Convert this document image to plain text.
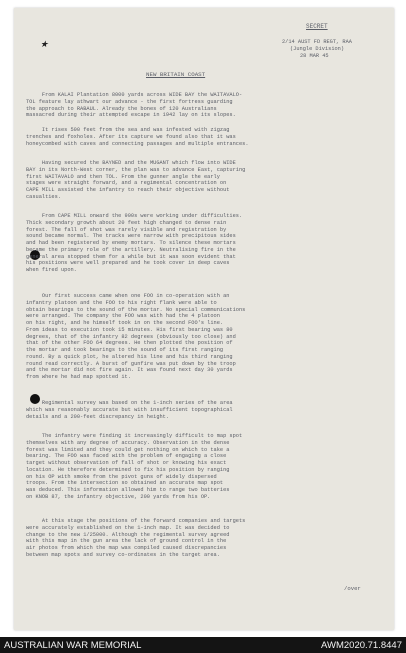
★
SECRET
2/14 AUST FD REGT, RAA
(Jungle Division)
28 MAR 45
NEW BRITAIN COAST
From KALAI Plantation 8000 yards across WIDE BAY the WAITAVALO-
TOL feature lay athwart our advance - the first fortress guarding
the approach to RABAUL. Already the bones of 120 Australians
massacred during their attempted escape in 1942 lay on its slopes.
It rises 500 feet from the sea and was infested with zigzag
trenches and foxholes. After its capture we found also that it was
honeycombed with caves and connecting passages and multiple entrances.
Having secured the BAYNED and the MUGANT which flow into WIDE
BAY in its North-West corner, the plan was to advance East, capturing
first WAITAVALO and then TOL. From the gunner angle the early
stages were straight forward, and a regimental concentration on
CAPE MILL assisted the infantry to reach their objective without
casualties.
From CAPE MILL onward the 900s were working under difficulties.
Thick secondary growth about 20 feet high changed to dense rain
forest. The fall of shot was rarely visible and registration by
sound became normal. The tracks were narrow with precipitous sides
and had been registered by enemy mortars. To silence these mortars
became the primary role of the artillery. Neutralising fire in the
general area stopped them for a while but it was soon evident that
his positions were well prepared and he took cover in deep caves
when fired upon.
Our first success came when one FOO in co-operation with an
infantry platoon and the FOO to his right flank were able to
obtain bearings to the sound of the mortar. No special communications
were arranged. The company the FOO was with had the 4 platoon
on his right, and he himself took in on the second FOO's line.
From ideas to execution took 15 minutes. His first bearing was 80
degrees, that of the infantry 82 degrees (obviously too close) and
that of the other FOO 64 degrees. He then plotted the position of
the mortar and took bearings to the sound of its first ranging
round. By a quick plot, he altered his line and his third ranging
round read correctly. A burst of gunfire was put down by the troop
and the mortar did not fire again. It was found next day 30 yards
from where he had map spotted it.
Regimental survey was based on the 1-inch series of the area
which was reasonably accurate but with insufficient topographical
details and a 200-feet discrepancy in height.
The infantry were finding it increasingly difficult to map spot
themselves with any degree of accuracy. Observation in the dense
forest was limited and they could get nothing on which to take a
bearing. The FOO was faced with the problem of engaging a close
target without observation of fall of shot or knowing his exact
location. He therefore determined to fix his position by ranging
on his OP with smoke from the pivot guns of widely dispersed
troops. From the intersection so obtained an accurate map spot
was deduced. This information allowed him to range two batteries
on KNOB 87, the infantry objective, 200 yards from his OP.
At this stage the positions of the forward companies and targets
were accurately established on the 1-inch map. It was decided to
change to the new 1/25000. Although the regimental survey agreed
with this map in the gun area the lack of ground control in the
air photos from which the map was compiled caused discrepancies
between map spots and survey co-ordinates in the target area.
/over
AUSTRALIAN WAR MEMORIAL	AWM2020.71.8447
